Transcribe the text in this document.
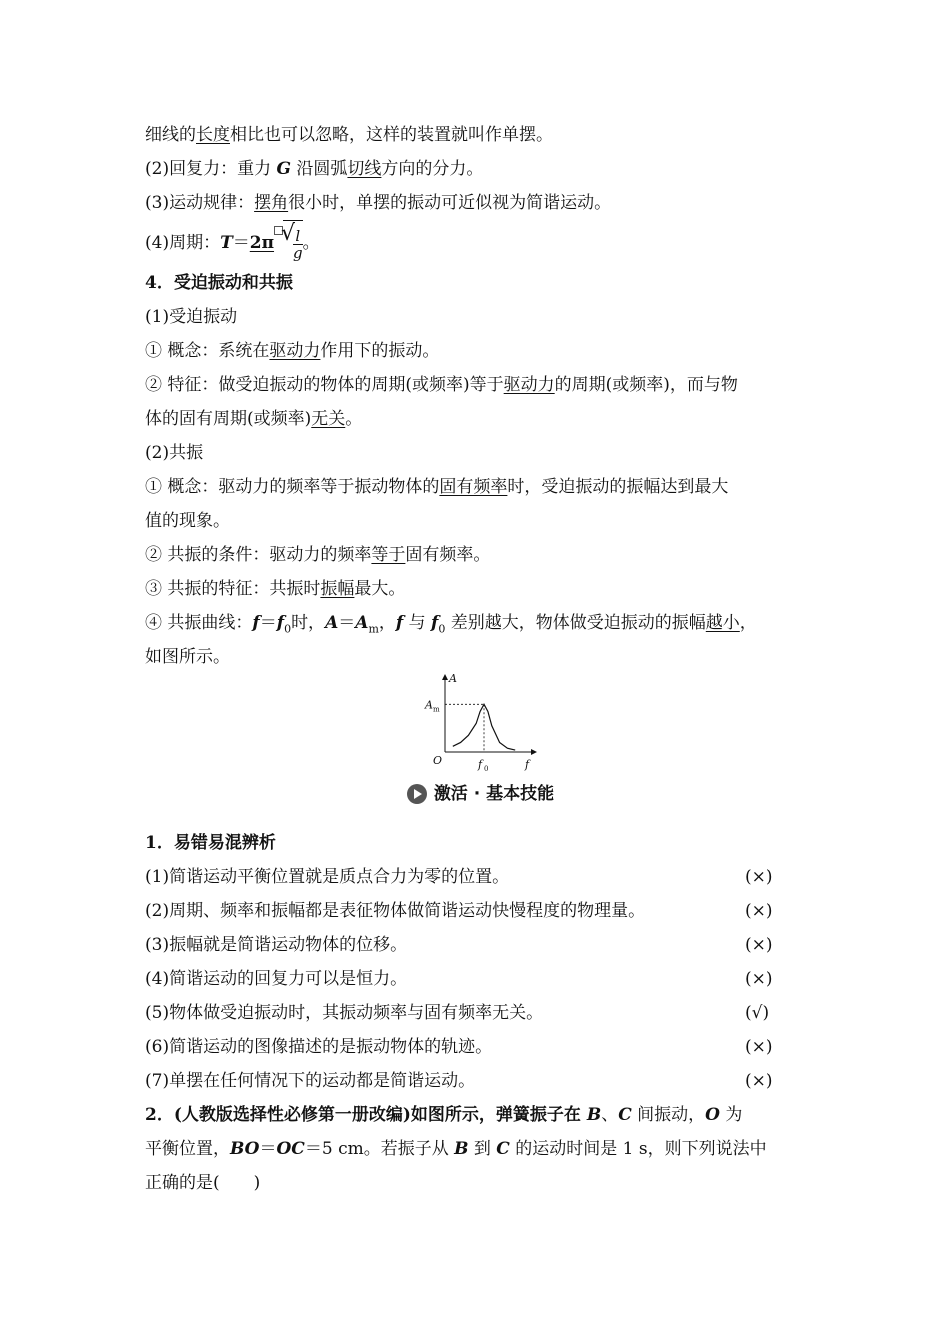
细线的长度相比也可以忽略，这样的装置就叫作单摆。
(2)回复力：重力 G 沿圆弧切线方向的分力。
(3)运动规律：摆角很小时，单摆的振动可近似视为简谐运动。
(4)周期：T＝2π
√ $\frac{l}{g}$ 。
4．受迫振动和共振
(1)受迫振动
① 概念：系统在驱动力作用下的振动。
② 特征：做受迫振动的物体的周期(或频率)等于驱动力的周期(或频率)，而与物
体的固有周期(或频率)无关。
(2)共振
① 概念：驱动力的频率等于振动物体的固有频率时，受迫振动的振幅达到最大
值的现象。
② 共振的条件：驱动力的频率等于固有频率。
③ 共振的特征：共振时振幅最大。
④ 共振曲线：$f=f_0$时，$A=A_m$，f 与 $f_0$ 差别越大，物体做受迫振动的振幅越小，
如图所示。
A
A m
O	f 0	f
激活 · 基本技能
1．易错易混辨析
(1)简谐运动平衡位置就是质点合力为零的位置。	(×)
(2)周期、频率和振幅都是表征物体做简谐运动快慢程度的物理量。	(×)
(3)振幅就是简谐运动物体的位移。	(×)
(4)简谐运动的回复力可以是恒力。	(×)
(5)物体做受迫振动时，其振动频率与固有频率无关。	(√)
(6)简谐运动的图像描述的是振动物体的轨迹。	(×)
(7)单摆在任何情况下的运动都是简谐运动。	(×)
2．(人教版选择性必修第一册改编)如图所示，弹簧振子在 B、C 间振动，O 为
平衡位置，BO＝OC＝5 cm。若振子从 B 到 C 的运动时间是 1 s，则下列说法中
正确的是(　　)
